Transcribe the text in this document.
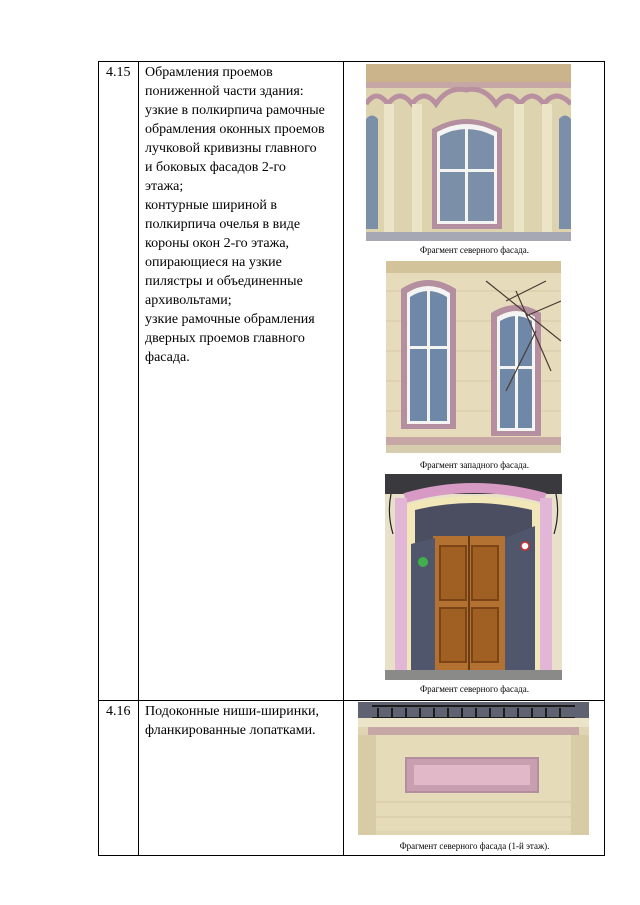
4.15 Обрамления проемов
пониженной части здания:
узкие в полкирпича рамочные
обрамления оконных проемов
лучковой кривизны главного
и боковых фасадов 2-го
этажа;
контурные шириной в
полкирпича очелья в виде
короны окон 2-го этажа,
опирающиеся на узкие
пилястры и объединенные
архивольтами;
узкие рамочные обрамления
дверных проемов главного
фасада.
Фрагмент северного фасада.
Фрагмент западного фасада.
Фрагмент северного фасада.
4.16 Подоконные ниши-ширинки,
фланкированные лопатками.
Фрагмент северного фасада (1-й этаж).
